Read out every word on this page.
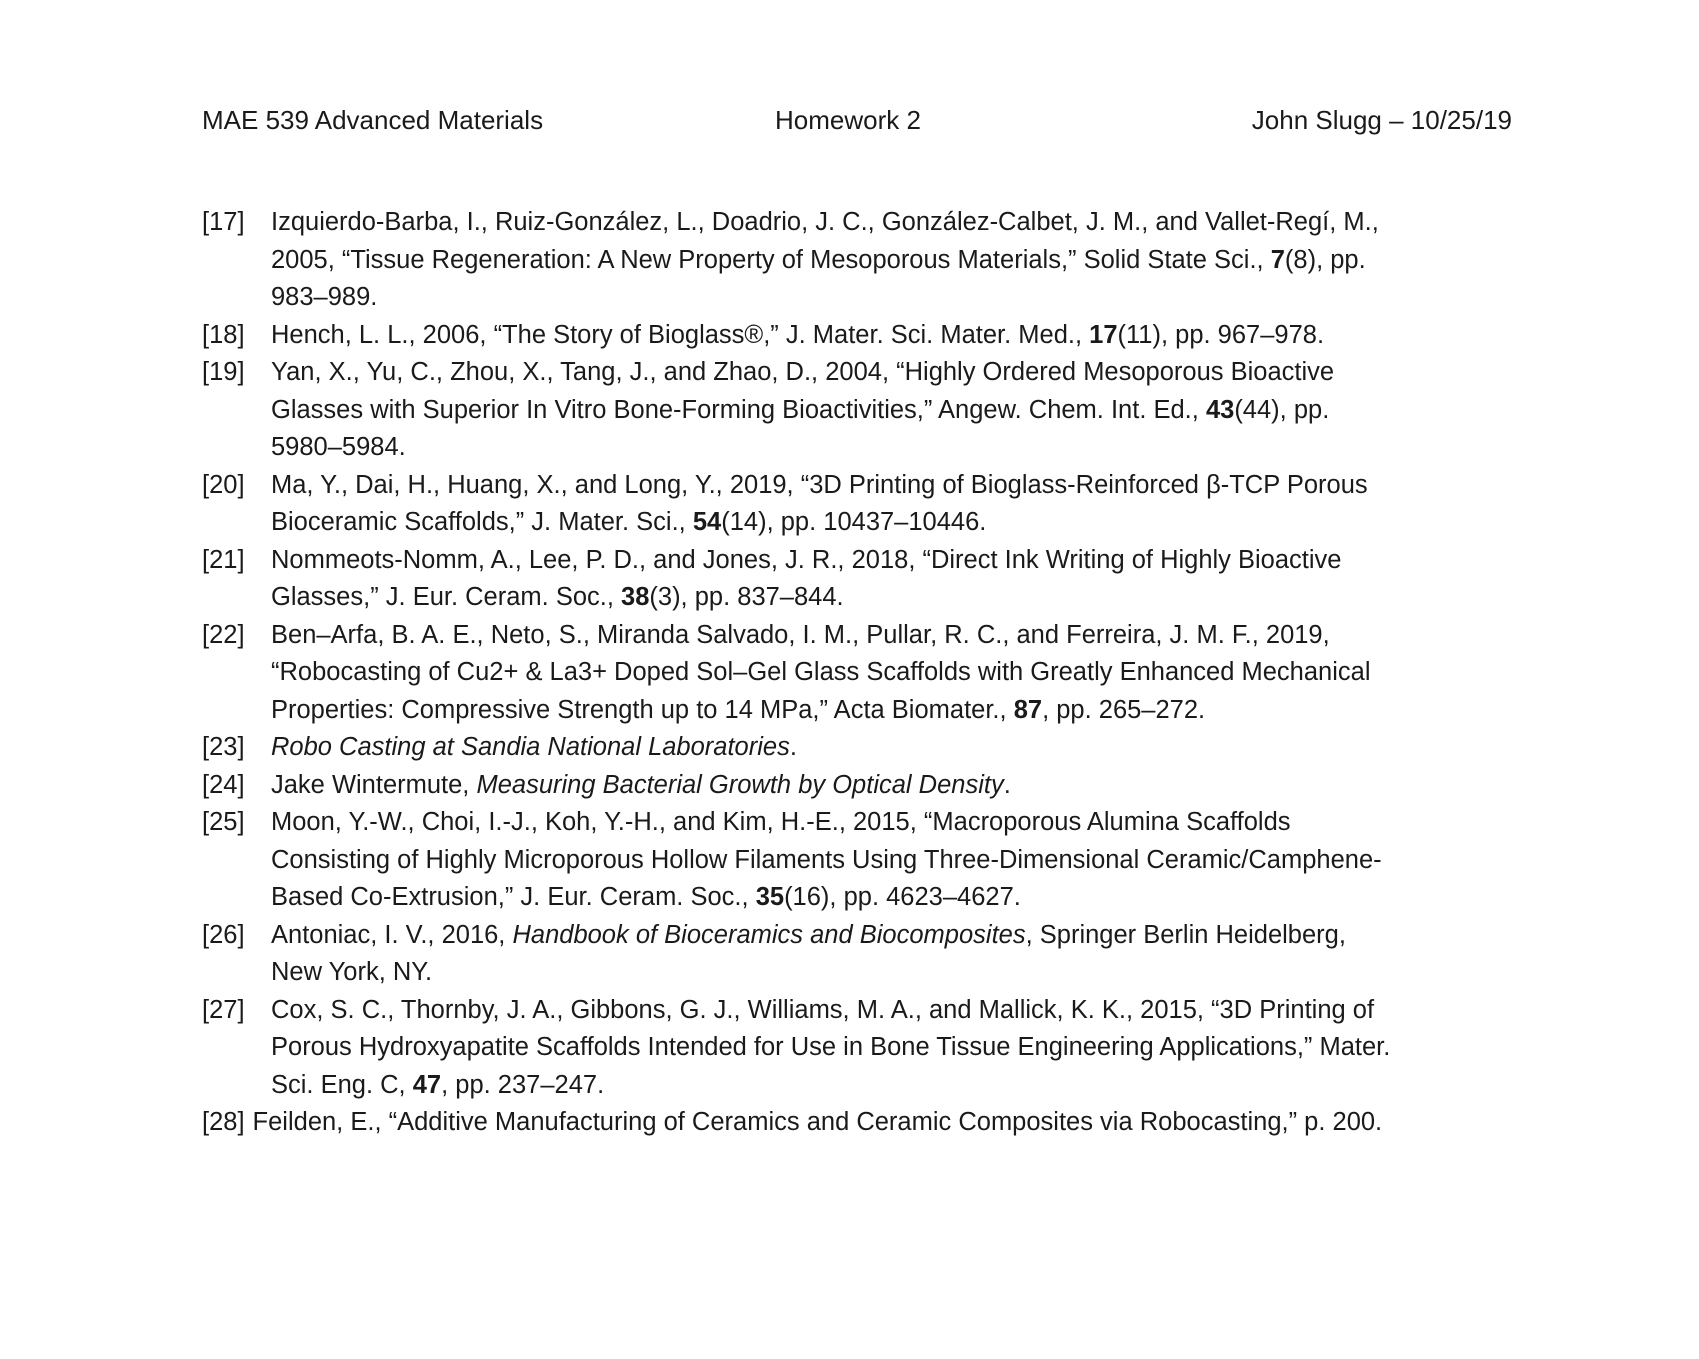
MAE 539 Advanced Materials	Homework 2	John Slugg – 10/25/19
[17] Izquierdo-Barba, I., Ruiz-González, L., Doadrio, J. C., González-Calbet, J. M., and Vallet-Regí, M.,
2005, “Tissue Regeneration: A New Property of Mesoporous Materials,” Solid State Sci., 7(8), pp.
983–989.
[18] Hench, L. L., 2006, “The Story of Bioglass®,” J. Mater. Sci. Mater. Med., 17(11), pp. 967–978.
[19] Yan, X., Yu, C., Zhou, X., Tang, J., and Zhao, D., 2004, “Highly Ordered Mesoporous Bioactive
Glasses with Superior In Vitro Bone-Forming Bioactivities,” Angew. Chem. Int. Ed., 43(44), pp.
5980–5984.
[20] Ma, Y., Dai, H., Huang, X., and Long, Y., 2019, “3D Printing of Bioglass-Reinforced β-TCP Porous
Bioceramic Scaffolds,” J. Mater. Sci., 54(14), pp. 10437–10446.
[21] Nommeots-Nomm, A., Lee, P. D., and Jones, J. R., 2018, “Direct Ink Writing of Highly Bioactive
Glasses,” J. Eur. Ceram. Soc., 38(3), pp. 837–844.
[22] Ben–Arfa, B. A. E., Neto, S., Miranda Salvado, I. M., Pullar, R. C., and Ferreira, J. M. F., 2019,
“Robocasting of Cu2+ & La3+ Doped Sol–Gel Glass Scaffolds with Greatly Enhanced Mechanical
Properties: Compressive Strength up to 14 MPa,” Acta Biomater., 87, pp. 265–272.
[23] Robo Casting at Sandia National Laboratories.
[24] Jake Wintermute, Measuring Bacterial Growth by Optical Density.
[25] Moon, Y.-W., Choi, I.-J., Koh, Y.-H., and Kim, H.-E., 2015, “Macroporous Alumina Scaffolds
Consisting of Highly Microporous Hollow Filaments Using Three-Dimensional Ceramic/Camphene-
Based Co-Extrusion,” J. Eur. Ceram. Soc., 35(16), pp. 4623–4627.
[26] Antoniac, I. V., 2016, Handbook of Bioceramics and Biocomposites, Springer Berlin Heidelberg,
New York, NY.
[27] Cox, S. C., Thornby, J. A., Gibbons, G. J., Williams, M. A., and Mallick, K. K., 2015, “3D Printing of
Porous Hydroxyapatite Scaffolds Intended for Use in Bone Tissue Engineering Applications,” Mater.
Sci. Eng. C, 47, pp. 237–247.
[28] Feilden, E., “Additive Manufacturing of Ceramics and Ceramic Composites via Robocasting,” p. 200.
